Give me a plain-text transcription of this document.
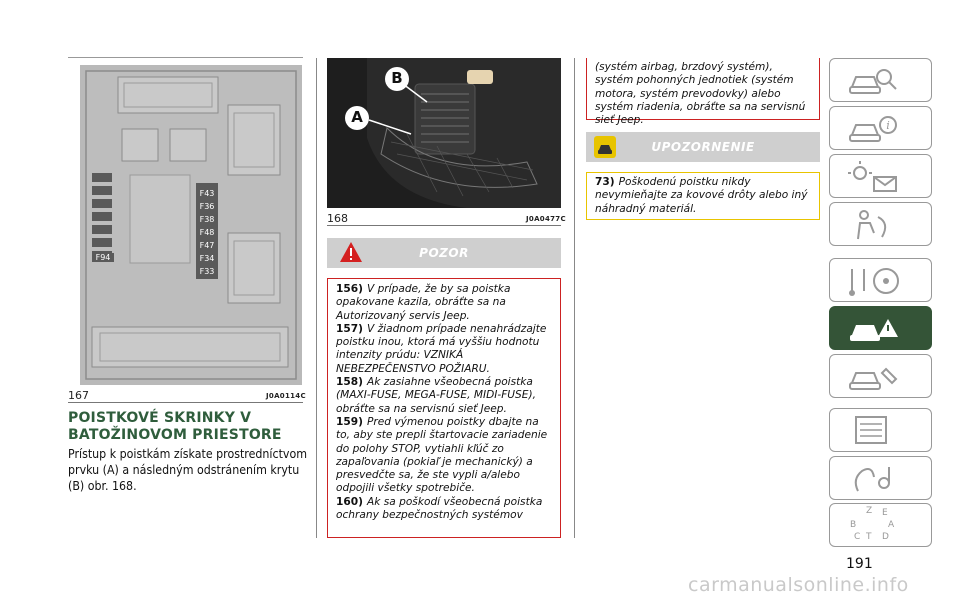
F43
F36
F38
F48
F47
F34
F33
F94
167	J0A0114C
POISTKOVÉ SKRINKY V BATOŽINOVOM PRIESTORE
Prístup k poistkám získate prostredníctvom prvku (A) a následným odstránením krytu (B) obr. 168.
A
B
168	J0A0477C
POZOR

156) V prípade, že by sa poistka opakovane kazila, obráťte sa na Autorizovaný servis Jeep.

157) V žiadnom prípade nenahrádzajte poistku inou, ktorá má vyššiu hodnotu intenzity prúdu: VZNIKÁ NEBEZPEČENSTVO POŽIARU.

158) Ak zasiahne všeobecná poistka (MAXI-FUSE, MEGA-FUSE, MIDI-FUSE), obráťte sa na servisnú sieť Jeep.

159) Pred výmenou poistky dbajte na to, aby ste prepli štartovacie zariadenie do polohy STOP, vytiahli kľúč zo zapaľovania (pokiaľ je mechanický) a presvedčte sa, že ste vypli a/alebo odpojili všetky spotrebiče.

160) Ak sa poškodí všeobecná poistka ochrany bezpečnostných systémov

(systém airbag, brzdový systém), systém pohonných jednotiek (systém motora, systém prevodovky) alebo systém riadenia, obráťte sa na servisnú sieť Jeep.

UPOZORNENIE

73) Poškodenú poistku nikdy nevymieňajte za kovové drôty alebo iný náhradný materiál.

i
Z E
B	A
C T D
191
carmanualsonline.info
